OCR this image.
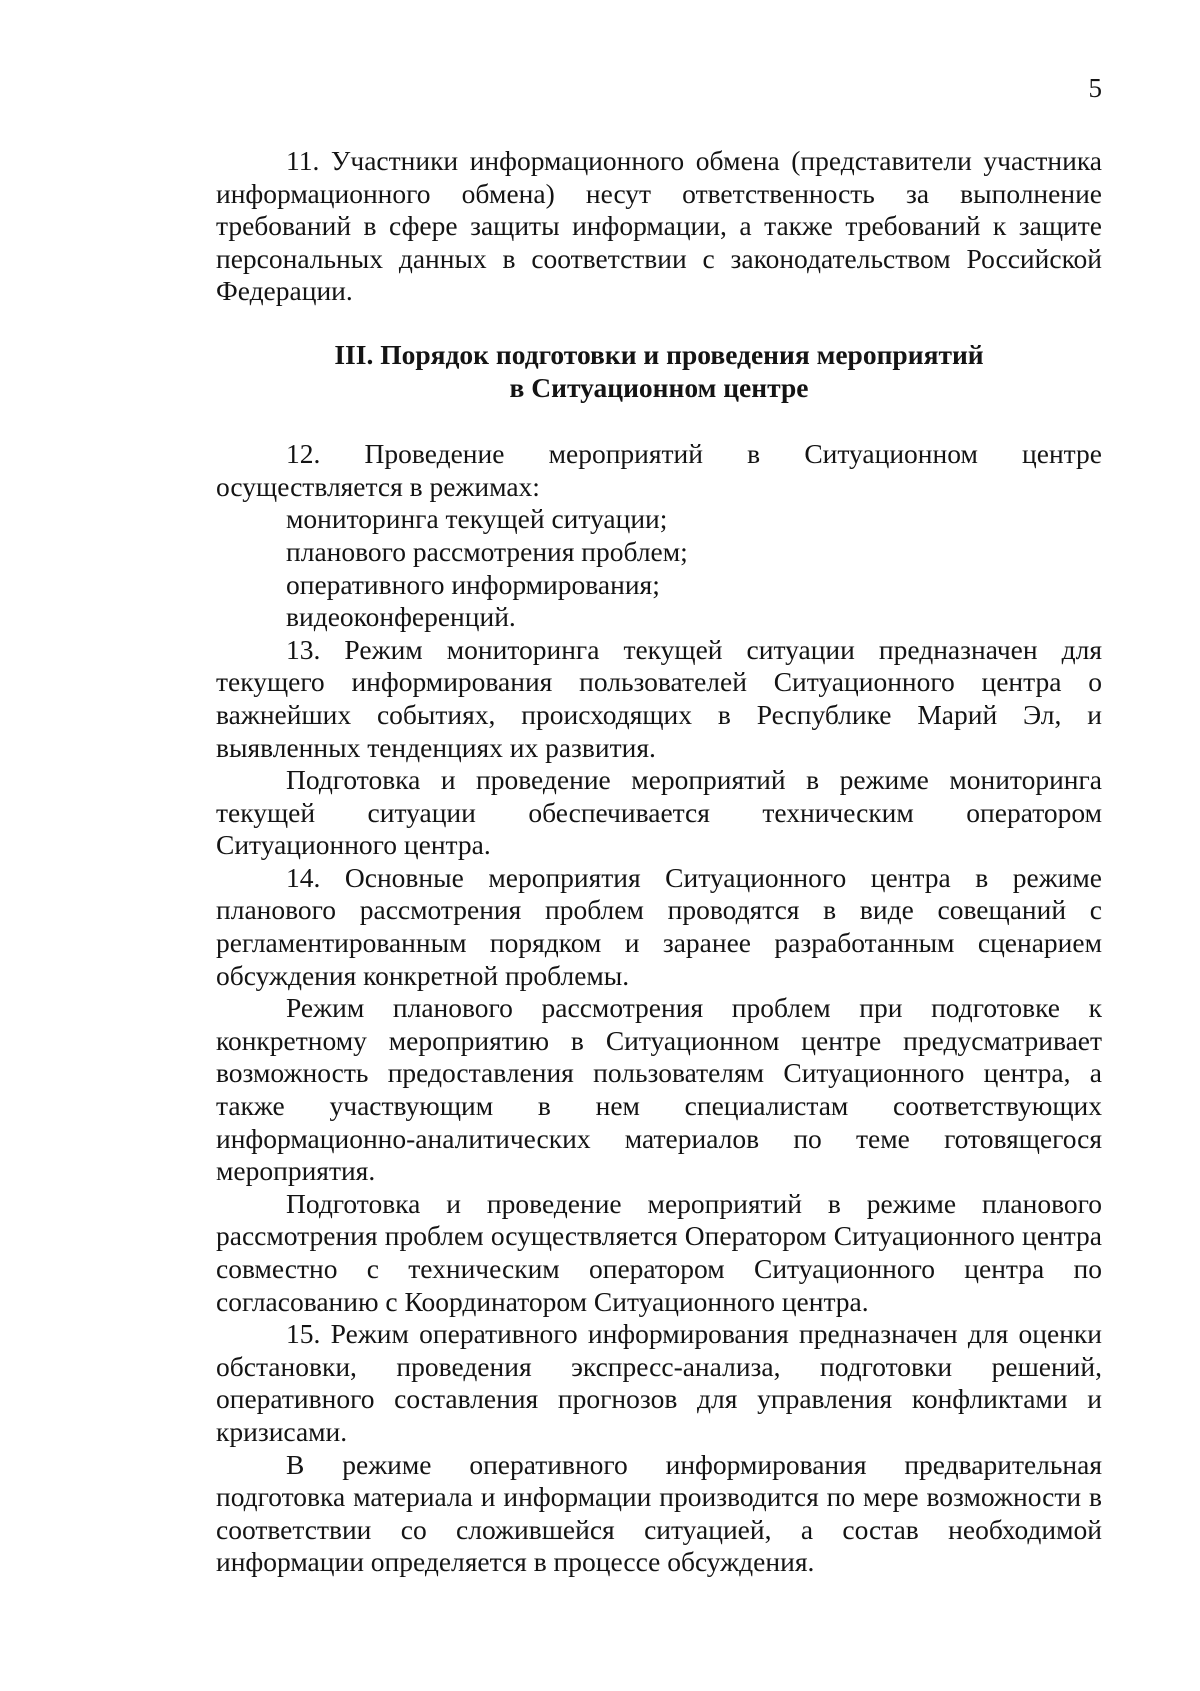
5

11. Участники информационного обмена (представители участника информационного обмена) несут ответственность за выполнение требований в сфере защиты информации, а также требований к защите персональных данных в соответствии с законодательством Российской Федерации.

III. Порядок подготовки и проведения мероприятий
в Ситуационном центре

12. Проведение мероприятий в Ситуационном центре осуществляется в режимах:

мониторинга текущей ситуации;

планового рассмотрения проблем;

оперативного информирования;

видеоконференций.

13. Режим мониторинга текущей ситуации предназначен для текущего информирования пользователей Ситуационного центра о важнейших событиях, происходящих в Республике Марий Эл, и выявленных тенденциях их развития.

Подготовка и проведение мероприятий в режиме мониторинга текущей ситуации обеспечивается техническим оператором Ситуационного центра.

14. Основные мероприятия Ситуационного центра в режиме планового рассмотрения проблем проводятся в виде совещаний с регламентированным порядком и заранее разработанным сценарием обсуждения конкретной проблемы.

Режим планового рассмотрения проблем при подготовке к конкретному мероприятию в Ситуационном центре предусматривает возможность предоставления пользователям Ситуационного центра, а также участвующим в нем специалистам соответствующих информационно-аналитических материалов по теме готовящегося мероприятия.

Подготовка и проведение мероприятий в режиме планового рассмотрения проблем осуществляется Оператором Ситуационного центра совместно с техническим оператором Ситуационного центра по согласованию с Координатором Ситуационного центра.

15. Режим оперативного информирования предназначен для оценки обстановки, проведения экспресс-анализа, подготовки решений, оперативного составления прогнозов для управления конфликтами и кризисами.

В режиме оперативного информирования предварительная подготовка материала и информации производится по мере возможности в соответствии со сложившейся ситуацией, а состав необходимой информации определяется в процессе обсуждения.
